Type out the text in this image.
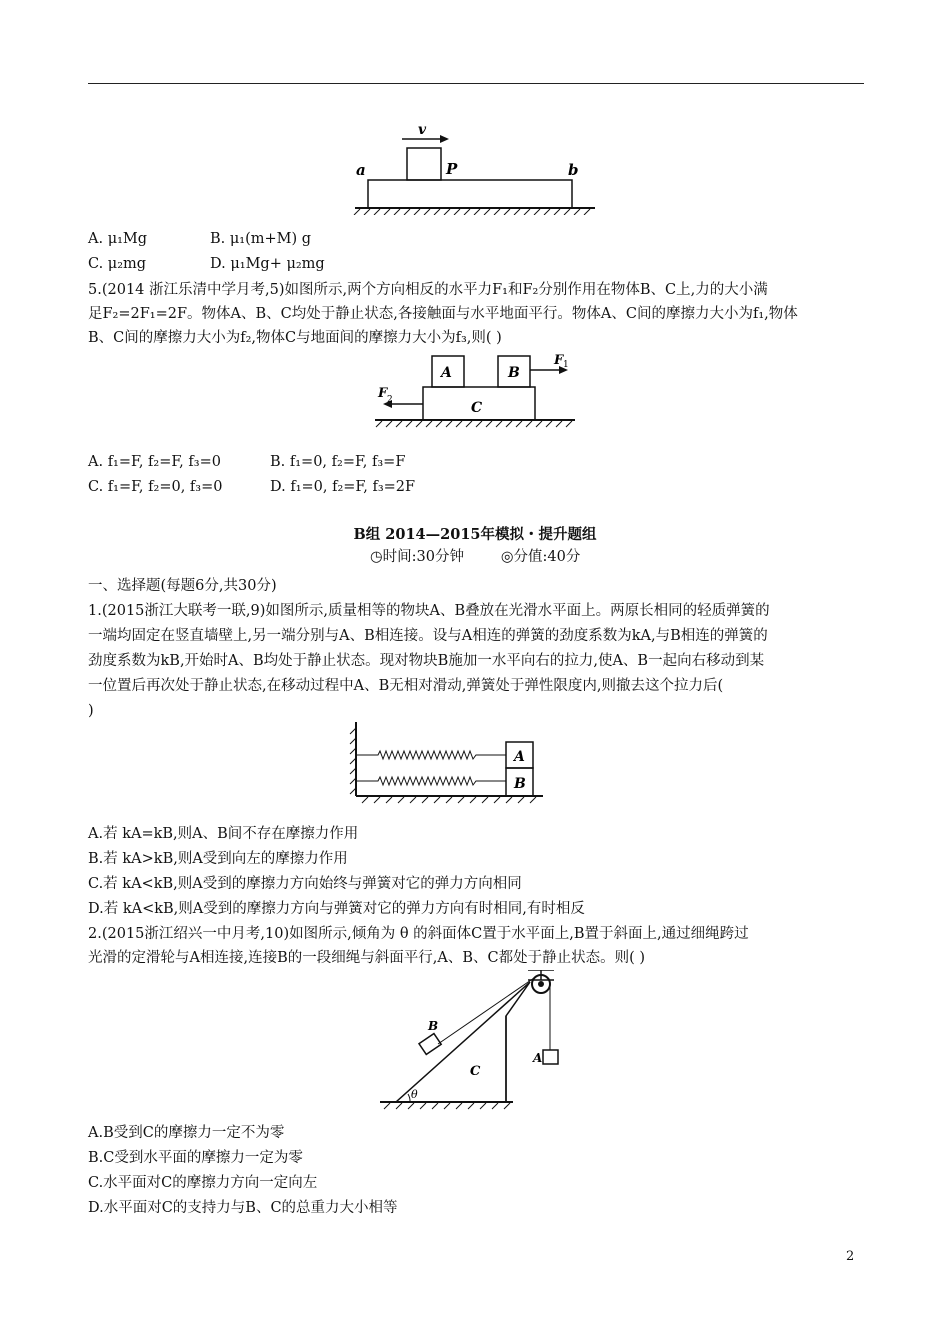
v
a	P	b
A. μ₁Mg	B. μ₁(m+M) g
C. μ₂mg	D. μ₁Mg+ μ₂mg
5.(2014 浙江乐清中学月考,5)如图所示,两个方向相反的水平力F₁和F₂分别作用在物体B、C上,力的大小满
足F₂=2F₁=2F。物体A、B、C均处于静止状态,各接触面与水平地面平行。物体A、C间的摩擦力大小为f₁,物体
B、C间的摩擦力大小为f₂,物体C与地面间的摩擦力大小为f₃,则( )
A	B
C
F 1
F 2
A. f₁=F, f₂=F, f₃=0	B. f₁=0, f₂=F, f₃=F
C. f₁=F, f₂=0, f₃=0	D. f₁=0, f₂=F, f₃=2F
B组 2014—2015年模拟・提升题组
◷时间:30分钟	◎分值:40分
一、选择题(每题6分,共30分)
1.(2015浙江大联考一联,9)如图所示,质量相等的物块A、B叠放在光滑水平面上。两原长相同的轻质弹簧的
一端均固定在竖直墙壁上,另一端分别与A、B相连接。设与A相连的弹簧的劲度系数为kA,与B相连的弹簧的
劲度系数为kB,开始时A、B均处于静止状态。现对物块B施加一水平向右的拉力,使A、B一起向右移动到某
一位置后再次处于静止状态,在移动过程中A、B无相对滑动,弹簧处于弹性限度内,则撤去这个拉力后(
)
A
B
A.若 kA=kB,则A、B间不存在摩擦力作用
B.若 kA>kB,则A受到向左的摩擦力作用
C.若 kA<kB,则A受到的摩擦力方向始终与弹簧对它的弹力方向相同
D.若 kA<kB,则A受到的摩擦力方向与弹簧对它的弹力方向有时相同,有时相反
2.(2015浙江绍兴一中月考,10)如图所示,倾角为 θ 的斜面体C置于水平面上,B置于斜面上,通过细绳跨过
光滑的定滑轮与A相连接,连接B的一段细绳与斜面平行,A、B、C都处于静止状态。则( )
A
B
C
θ
A.B受到C的摩擦力一定不为零
B.C受到水平面的摩擦力一定为零
C.水平面对C的摩擦力方向一定向左
D.水平面对C的支持力与B、C的总重力大小相等
2
